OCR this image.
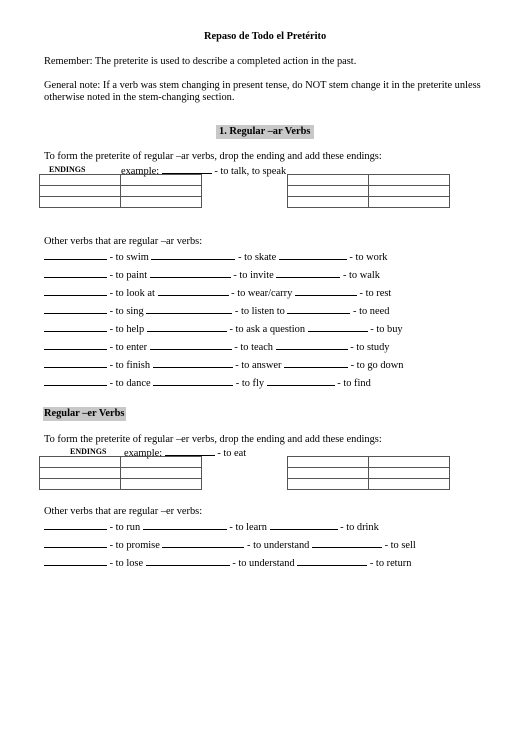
Repaso de Todo el Pretérito
Remember: The preterite is used to describe a completed action in the past.
General note: If a verb was stem changing in present tense, do NOT stem change it in the preterite unless
otherwise noted in the stem-changing section.
1. Regular –ar Verbs
To form the preterite of regular –ar verbs, drop the ending and add these endings:
ENDINGS	example:	- to talk, to speak

Other verbs that are regular –ar verbs:
- to swim	- to skate	- to work
- to paint	- to invite	- to walk
- to look at	- to wear/carry	- to rest
- to sing	- to listen to	- to need
- to help	- to ask a question	- to buy
- to enter	- to teach	- to study
- to finish	- to answer	- to go down
- to dance	- to fly	- to find
Regular –er Verbs
To form the preterite of regular –er verbs, drop the ending and add these endings:
ENDINGS example:	- to eat

Other verbs that are regular –er verbs:
- to run	- to learn	- to drink
- to promise	- to understand	- to sell
- to lose	- to understand	- to return
